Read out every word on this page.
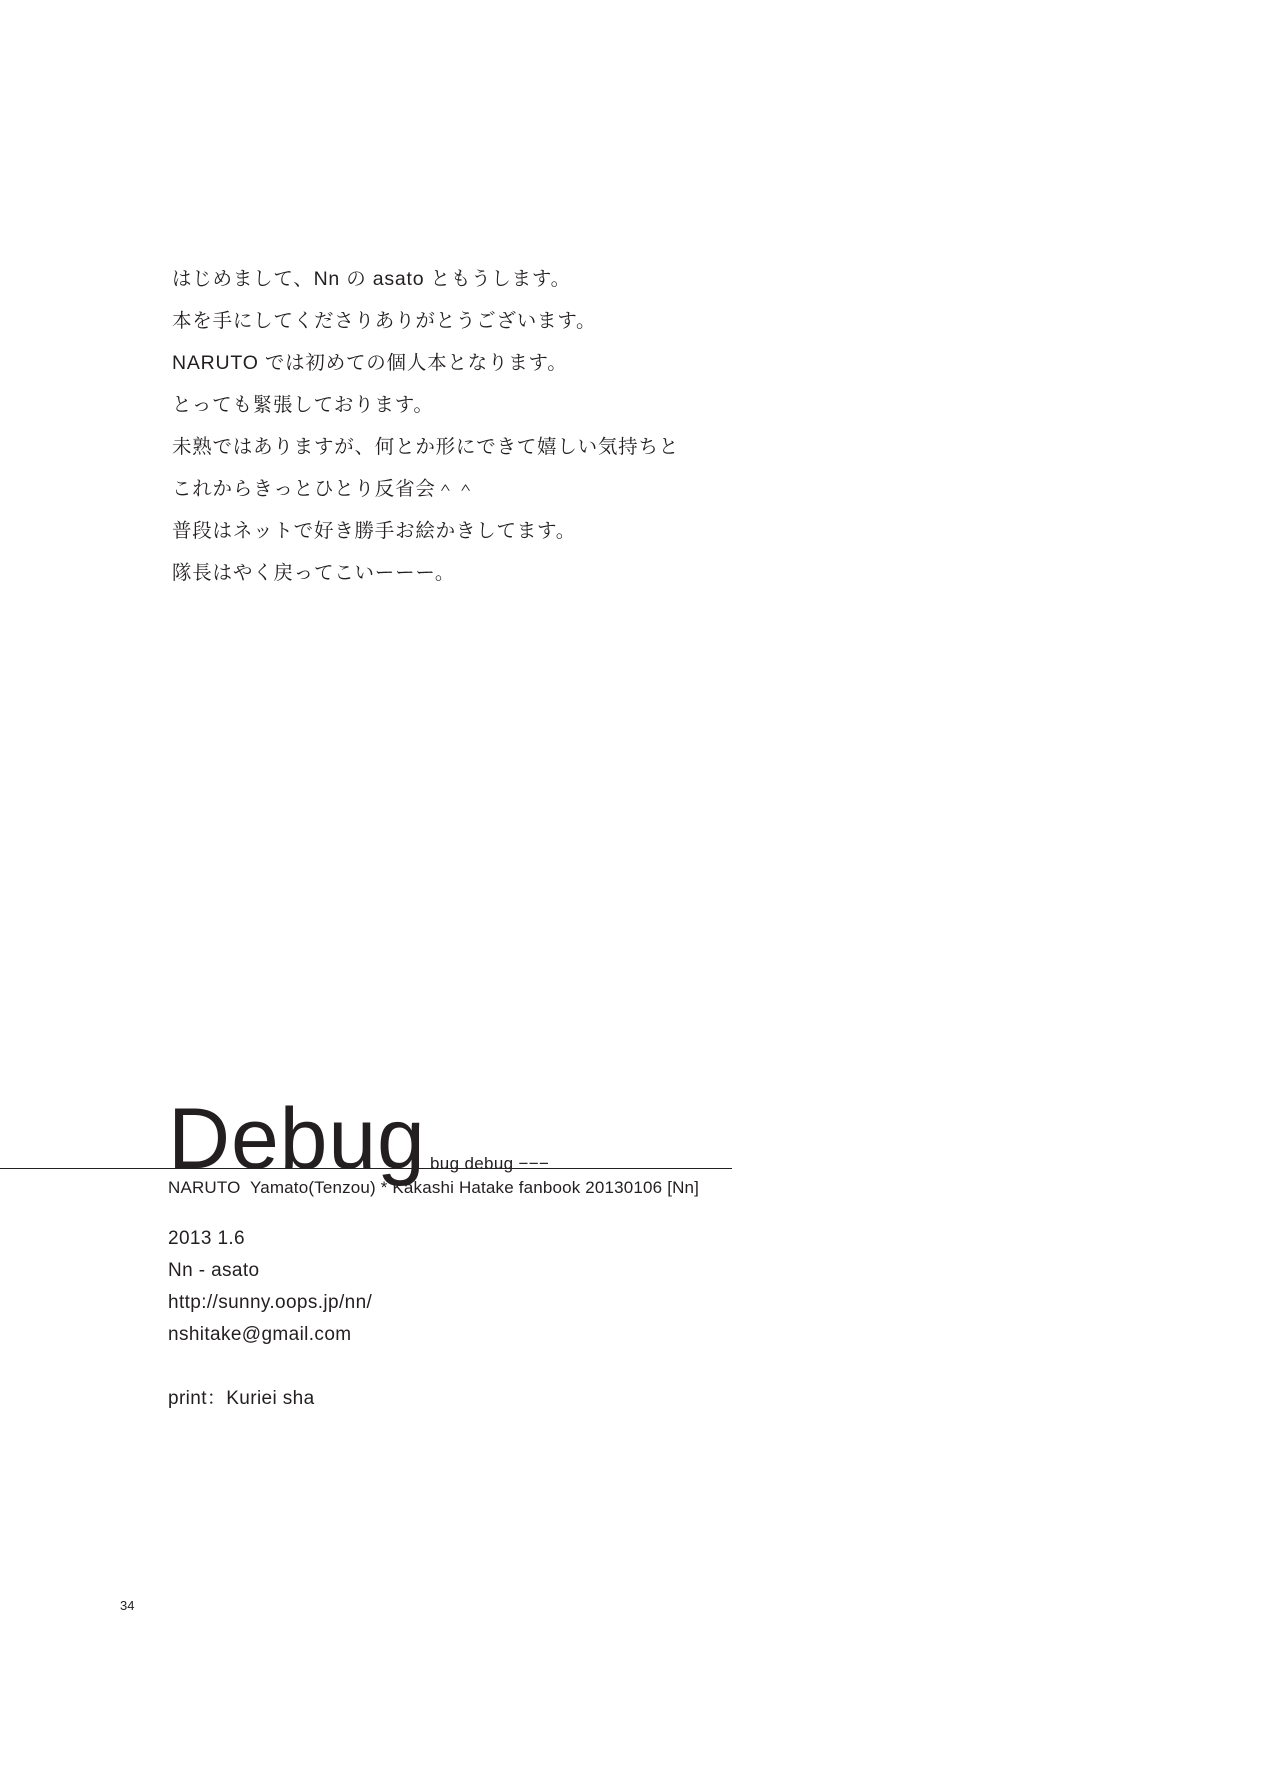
はじめまして、Nn の asato ともうします。
本を手にしてくださりありがとうございます。
NARUTO では初めての個人本となります。
とっても緊張しております。
未熟ではありますが、何とか形にできて嬉しい気持ちと
これからきっとひとり反省会＾＾
普段はネットで好き勝手お絵かきしてます。
隊長はやく戻ってこいーーー。
Debug bug debug −−−
NARUTO  Yamato(Tenzou) * Kakashi Hatake fanbook 20130106 [Nn]
2013 1.6
Nn - asato
http://sunny.oops.jp/nn/
nshitake@gmail.com
print：Kuriei sha
34
